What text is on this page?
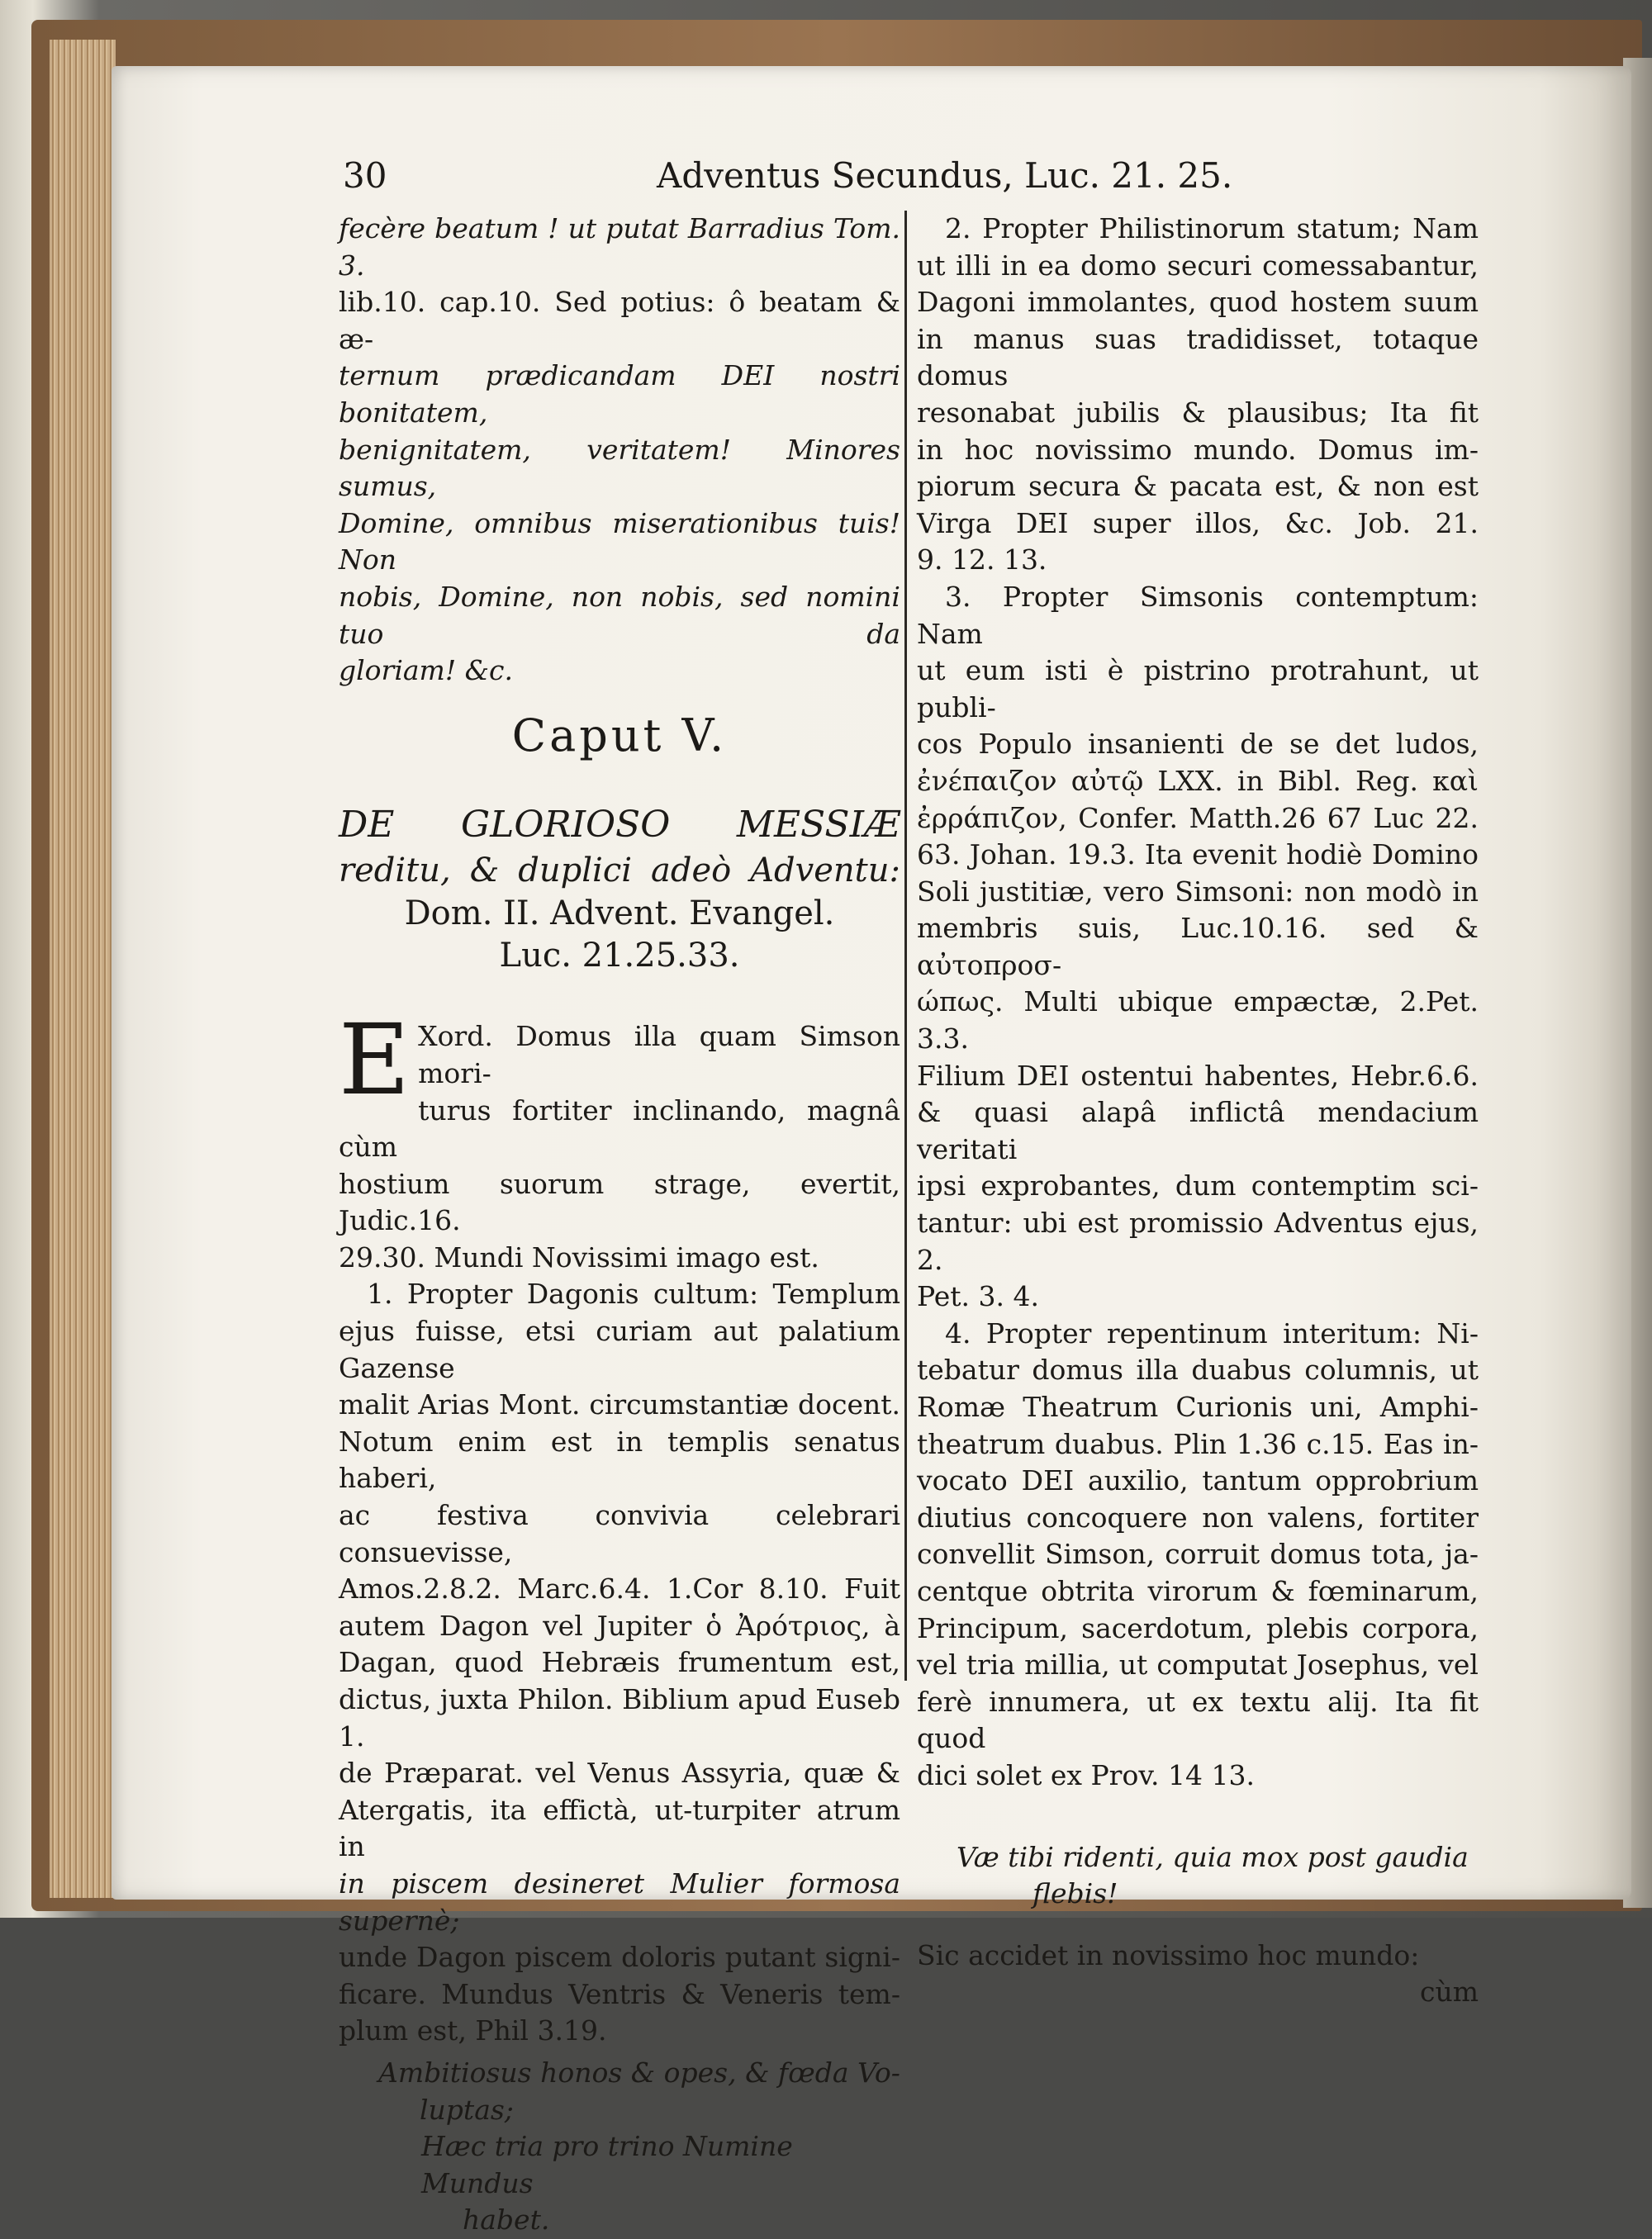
30	Adventus Secundus, Luc. 21. 25.

fecère beatum ! ut putat Barradius Tom. 3.

lib.10. cap.10. Sed potius: ô beatam & æ-

ternum prædicandam DEI nostri bonitatem,

benignitatem, veritatem! Minores sumus,

Domine, omnibus miserationibus tuis! Non

nobis, Domine, non nobis, sed nomini tuo da

gloriam! &c.

Caput V.

DE GLORIOSO MESSIÆ

reditu, & duplici adeò Adventu:

Dom. II. Advent. Evangel.

Luc. 21.25.33.

E Xord. Domus illa quam Simson mori-

turus fortiter inclinando, magnâ cùm

hostium suorum strage, evertit, Judic.16.

29.30. Mundi Novissimi imago est.

1. Propter Dagonis cultum: Templum

ejus fuisse, etsi curiam aut palatium Gazense

malit Arias Mont. circumstantiæ docent.

Notum enim est in templis senatus haberi,

ac festiva convivia celebrari consuevisse,

Amos.2.8.2. Marc.6.4. 1.Cor 8.10. Fuit

autem Dagon vel Jupiter ὁ Ἀρότριος, à

Dagan, quod Hebræis frumentum est,

dictus, juxta Philon. Biblium apud Euseb 1.

de Præparat. vel Venus Assyria, quæ &

Atergatis, ita effictà, ut-turpiter atrum in

in piscem desineret Mulier formosa supernè;

unde Dagon piscem doloris putant signi-

ficare. Mundus Ventris & Veneris tem-

plum est, Phil 3.19.

Ambitiosus honos & opes, & fœda Vo-

luptas;

Hæc tria pro trino Numine Mundus

habet.

2. Propter Philistinorum statum; Nam

ut illi in ea domo securi comessabantur,

Dagoni immolantes, quod hostem suum

in manus suas tradidisset, totaque domus

resonabat jubilis & plausibus; Ita fit

in hoc novissimo mundo. Domus im-

piorum secura & pacata est, & non est

Virga DEI super illos, &c. Job. 21.

9. 12. 13.

3. Propter Simsonis contemptum: Nam

ut eum isti è pistrino protrahunt, ut publi-

cos Populo insanienti de se det ludos,

ἐνέπαιζον αὐτῷ LXX. in Bibl. Reg. καὶ

ἐρράπιζον, Confer. Matth.26 67 Luc 22.

63. Johan. 19.3. Ita evenit hodiè Domino

Soli justitiæ, vero Simsoni: non modò in

membris suis, Luc.10.16. sed & αὐτοπροσ-

ώπως. Multi ubique empæctæ, 2.Pet. 3.3.

Filium DEI ostentui habentes, Hebr.6.6.

& quasi alapâ inflictâ mendacium veritati

ipsi exprobantes, dum contemptim sci-

tantur: ubi est promissio Adventus ejus, 2.

Pet. 3. 4.

4. Propter repentinum interitum: Ni-

tebatur domus illa duabus columnis, ut

Romæ Theatrum Curionis uni, Amphi-

theatrum duabus. Plin 1.36 c.15. Eas in-

vocato DEI auxilio, tantum opprobrium

diutius concoquere non valens, fortiter

convellit Simson, corruit domus tota, ja-

centque obtrita virorum & fœminarum,

Principum, sacerdotum, plebis corpora,

vel tria millia, ut computat Josephus, vel

ferè innumera, ut ex textu alij. Ita fit quod

dici solet ex Prov. 14 13.

Væ tibi ridenti, quia mox post gaudia

flebis!

Sic accidet in novissimo hoc mundo:

cùm
